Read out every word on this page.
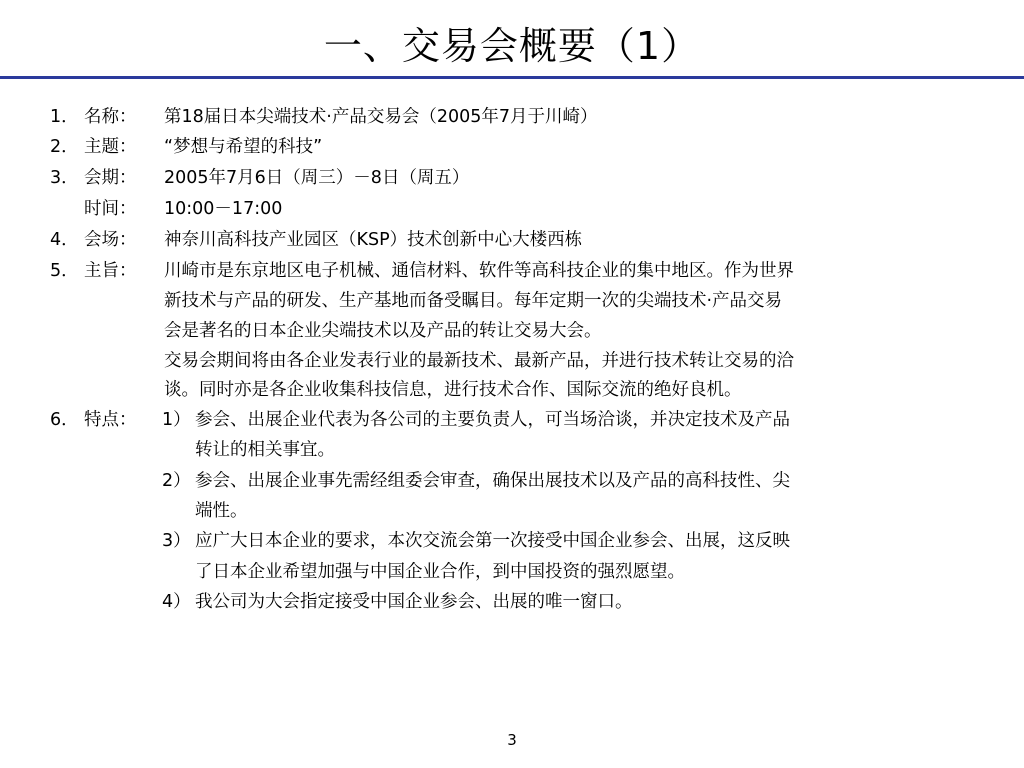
一、交易会概要（1）
1． 名称：	第18届日本尖端技术·产品交易会（2005年7月于川崎）
2． 主题：	“梦想与希望的科技”
3． 会期：	2005年7月6日（周三）－8日（周五）
时间：	10:00－17:00
4． 会场：	神奈川高科技产业园区（KSP）技术创新中心大楼西栋
5． 主旨：	川崎市是东京地区电子机械、通信材料、软件等高科技企业的集中地区。作为世界
新技术与产品的研发、生产基地而备受瞩目。每年定期一次的尖端技术·产品交易
会是著名的日本企业尖端技术以及产品的转让交易大会。
交易会期间将由各企业发表行业的最新技术、最新产品，并进行技术转让交易的洽
谈。同时亦是各企业收集科技信息，进行技术合作、国际交流的绝好良机。
6． 特点：	1） 参会、出展企业代表为各公司的主要负责人，可当场洽谈，并决定技术及产品
转让的相关事宜。
2） 参会、出展企业事先需经组委会审查，确保出展技术以及产品的高科技性、尖
端性。
3） 应广大日本企业的要求，本次交流会第一次接受中国企业参会、出展，这反映
了日本企业希望加强与中国企业合作，到中国投资的强烈愿望。
4） 我公司为大会指定接受中国企业参会、出展的唯一窗口。
3
